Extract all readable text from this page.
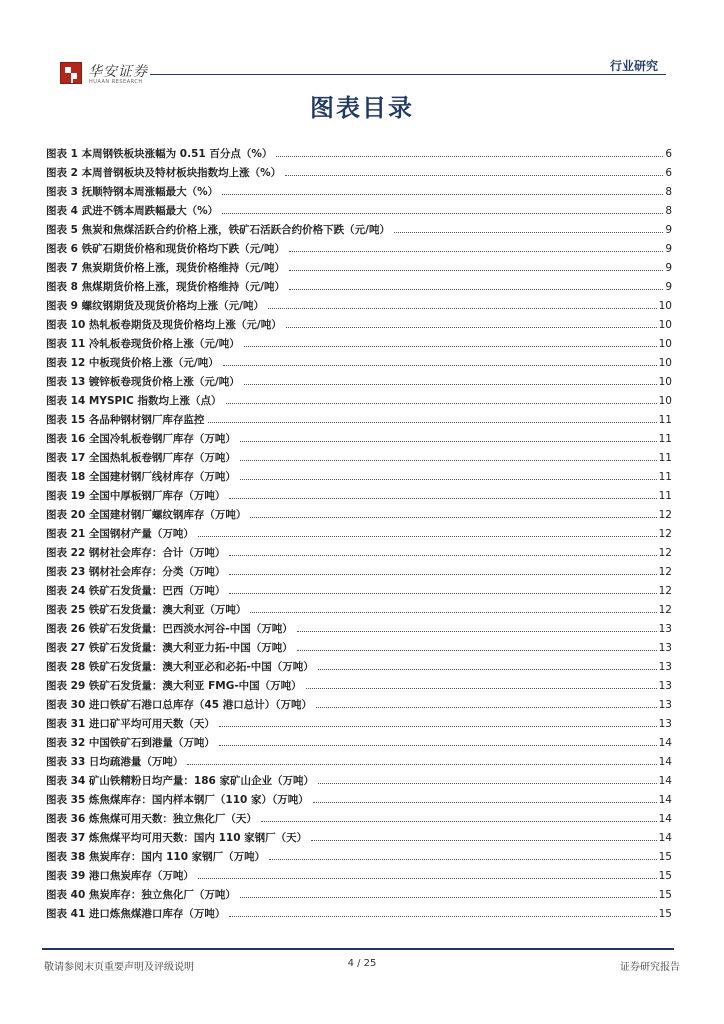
华安证券
HUAAN RESEARCH
行业研究
图表目录
图表 1 本周钢铁板块涨幅为 0.51 百分点（%）	6
图表 2 本周普钢板块及特材板块指数均上涨（%）	6
图表 3 抚顺特钢本周涨幅最大（%）	8
图表 4 武进不锈本周跌幅最大（%）	8
图表 5 焦炭和焦煤活跃合约价格上涨，铁矿石活跃合约价格下跌（元/吨）	9
图表 6 铁矿石期货价格和现货价格均下跌（元/吨）	9
图表 7 焦炭期货价格上涨，现货价格维持（元/吨）	9
图表 8 焦煤期货价格上涨，现货价格维持（元/吨）	9
图表 9 螺纹钢期货及现货价格均上涨（元/吨）	10
图表 10 热轧板卷期货及现货价格均上涨（元/吨）	10
图表 11 冷轧板卷现货价格上涨（元/吨）	10
图表 12 中板现货价格上涨（元/吨）	10
图表 13 镀锌板卷现货价格上涨（元/吨）	10
图表 14 MYSPIC 指数均上涨（点）	10
图表 15 各品种钢材钢厂库存监控	11
图表 16 全国冷轧板卷钢厂库存（万吨）	11
图表 17 全国热轧板卷钢厂库存（万吨）	11
图表 18 全国建材钢厂线材库存（万吨）	11
图表 19 全国中厚板钢厂库存（万吨）	11
图表 20 全国建材钢厂螺纹钢库存（万吨）	12
图表 21 全国钢材产量（万吨）	12
图表 22 钢材社会库存：合计（万吨）	12
图表 23 钢材社会库存：分类（万吨）	12
图表 24 铁矿石发货量：巴西（万吨）	12
图表 25 铁矿石发货量：澳大利亚（万吨）	12
图表 26 铁矿石发货量：巴西淡水河谷-中国（万吨）	13
图表 27 铁矿石发货量：澳大利亚力拓-中国（万吨）	13
图表 28 铁矿石发货量：澳大利亚必和必拓-中国（万吨）	13
图表 29 铁矿石发货量：澳大利亚 FMG-中国（万吨）	13
图表 30 进口铁矿石港口总库存（45 港口总计）（万吨）	13
图表 31 进口矿平均可用天数（天）	13
图表 32 中国铁矿石到港量（万吨）	14
图表 33 日均疏港量（万吨）	14
图表 34 矿山铁精粉日均产量：186 家矿山企业（万吨）	14
图表 35 炼焦煤库存：国内样本钢厂（110 家）（万吨）	14
图表 36 炼焦煤可用天数：独立焦化厂（天）	14
图表 37 炼焦煤平均可用天数：国内 110 家钢厂（天）	14
图表 38 焦炭库存：国内 110 家钢厂（万吨）	15
图表 39 港口焦炭库存（万吨）	15
图表 40 焦炭库存：独立焦化厂（万吨）	15
图表 41 进口炼焦煤港口库存（万吨）	15
敬请参阅末页重要声明及评级说明	4 / 25	证券研究报告
